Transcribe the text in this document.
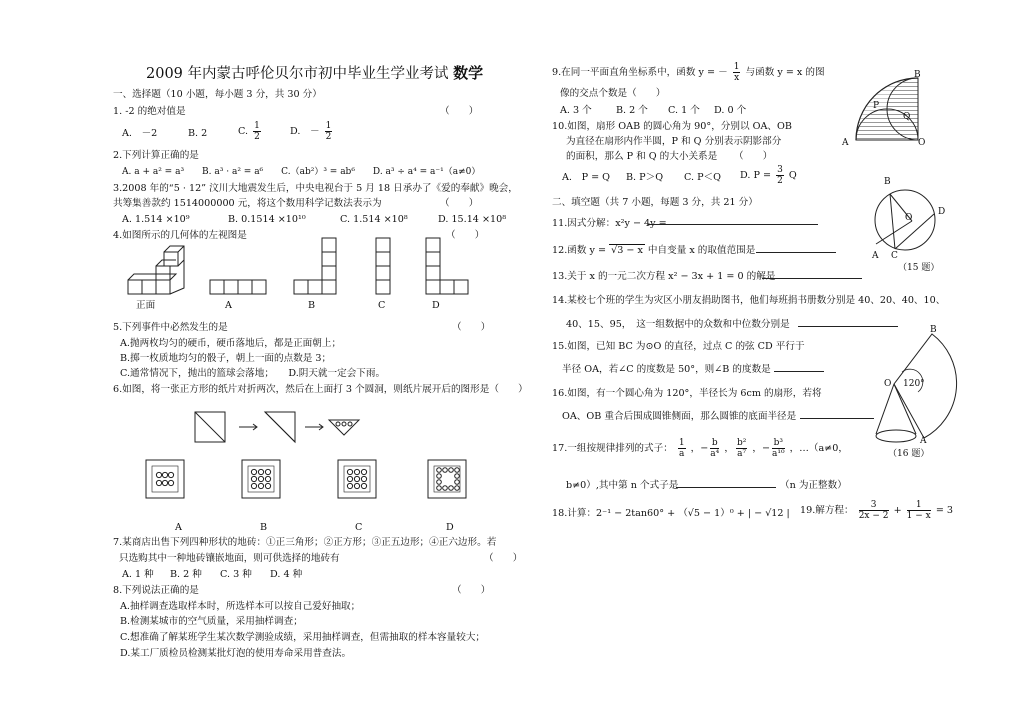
2009 年内蒙古呼伦贝尔市初中毕业生学业考试 数学
一、选择题（10 小题，每小题 3 分，共 30 分）
1. -2 的绝对值是	（　　）
A.　－2	B. 2	C. $\frac{1}{2}$	D.　－ $\frac{1}{2}$
2.下列计算正确的是
A. a + a² = a³　　B. a³ · a² = a⁶　　C.（ab²）³ = ab⁶　　D. a³ ÷ a⁴ = a⁻¹（a≠0）
3.2008 年的“5 · 12” 汶川大地震发生后，中央电视台于 5 月 18 日承办了《爱的奉献》晚会，
共筹集善款约 1514000000 元，将这个数用科学记数法表示为	（　　）
A. 1.514 ×10⁹	B. 0.1514 ×10¹⁰	C. 1.514 ×10⁸	D. 15.14 ×10⁸
4.如图所示的几何体的左视图是	（　　）
正面	A	B	C	D
5.下列事件中必然发生的是	（　　）
A.抛两枚均匀的硬币，硬币落地后，都是正面朝上；
B.掷一枚质地均匀的骰子，朝上一面的点数是 3；
C.通常情况下，抛出的篮球会落地；　　D.阴天就一定会下雨。
6.如图，将一张正方形的纸片对折两次，然后在上面打 3 个圆洞，则纸片展开后的图形是（　　）
A	B	C	D
7.某商店出售下列四种形状的地砖：①正三角形；②正方形；③正五边形；④正六边形。若
只选购其中一种地砖镶嵌地面，则可供选择的地砖有	（　　）
A. 1 种 B. 2 种 C. 3 种 D. 4 种
8.下列说法正确的是	（　　）
A.抽样调查选取样本时，所选样本可以按自己爱好抽取；
B.检测某城市的空气质量，采用抽样调查；
C.想准确了解某班学生某次数学测验成绩，采用抽样调查，但需抽取的样本容量较大；
D.某工厂质检员检测某批灯泡的使用寿命采用普查法。
9.在同一平面直角坐标系中，函数 y = － $\frac{1}{x}$ 与函数 y = x 的图
像的交点个数是（　　）
A. 3 个	B. 2 个 C. 1 个 D. 0 个
10.如图，扇形 OAB 的圆心角为 90°，分别以 OA、OB
为直径在扇形内作半圆，P 和 Q 分别表示阴影部分
的面积，那么 P 和 Q 的大小关系是 （　　）
A.　P = Q B. P＞Q C. P＜Q D. $P = \frac{3}{2}$ Q
B
A	O
Q
P
二、填空题（共 7 小题，每题 3 分，共 21 分）
11.因式分解：x²y − 4y =
12.函数 y = √3 − x 中自变量 x 的取值范围是
13.关于 x 的一元二次方程 x² − 3x + 1 = 0 的解是
B
O
D
A C
（15 题）
14.某校七个班的学生为灾区小朋友捐助图书，他们每班捐书册数分别是 40、20、40、10、
40、15、95，　这一组数据中的众数和中位数分别是
15.如图，已知 BC 为⊙O 的直径，过点 C 的弦 CD 平行于
半径 OA，若∠C 的度数是 50°，则∠B 的度数是
16.如图，有一个圆心角为 120°，半径长为 6cm 的扇形，若将
OA、OB 重合后围成圆锥侧面，那么圆锥的底面半径是
B
O 120°
A
（16 题）
17.一组按规律排列的式子： $\frac{1}{a}$ ，− $\frac{b}{\text{a⁴}}$ ， $\frac{\text{b²}}{\text{a⁷}}$ ，− $\frac{\text{b³}}{\text{a¹⁰}}$ ，…（a≠0，
b≠0）,其中第 n 个式子是	（n 为正整数）
18.计算：2⁻¹ − 2tan60° + （√5 − 1）⁰ + | − √12 | 19.解方程： $\frac{3}{2x - 2} + \frac{1}{1 - x} = 3$
